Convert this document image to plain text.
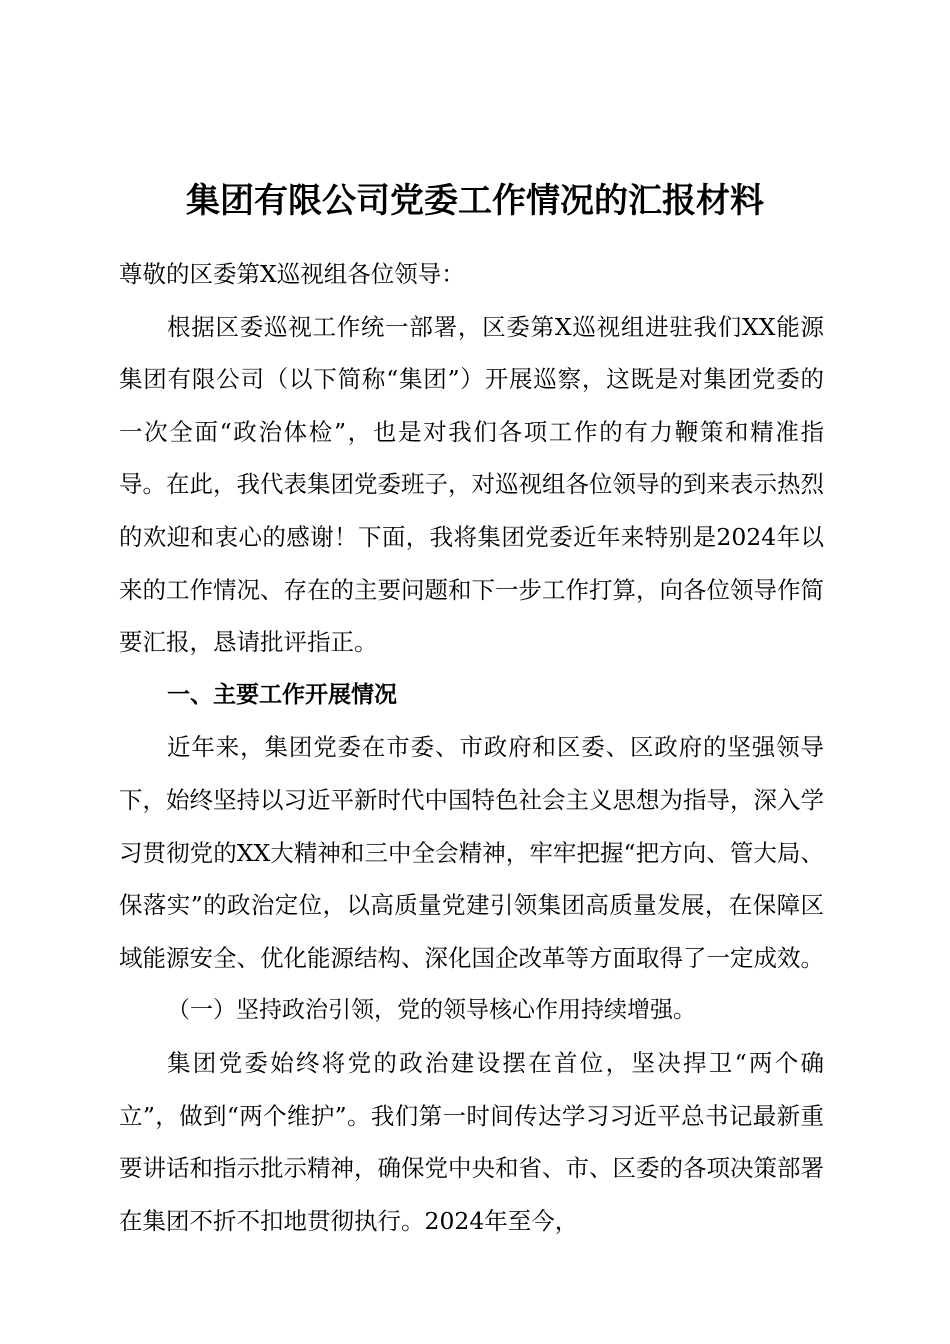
集团有限公司党委工作情况的汇报材料

尊敬的区委第X巡视组各位领导：

根据区委巡视工作统一部署，区委第X巡视组进驻我们XX能源集团有限公司（以下简称“集团”）开展巡察，这既是对集团党委的一次全面“政治体检”，也是对我们各项工作的有力鞭策和精准指导。在此，我代表集团党委班子，对巡视组各位领导的到来表示热烈的欢迎和衷心的感谢！下面，我将集团党委近年来特别是2024年以来的工作情况、存在的主要问题和下一步工作打算，向各位领导作简要汇报，恳请批评指正。

一、主要工作开展情况

近年来，集团党委在市委、市政府和区委、区政府的坚强领导下，始终坚持以习近平新时代中国特色社会主义思想为指导，深入学习贯彻党的XX大精神和三中全会精神，牢牢把握“把方向、管大局、保落实”的政治定位，以高质量党建引领集团高质量发展，在保障区域能源安全、优化能源结构、深化国企改革等方面取得了一定成效。

（一）坚持政治引领，党的领导核心作用持续增强。

集团党委始终将党的政治建设摆在首位，坚决捍卫“两个确立”，做到“两个维护”。我们第一时间传达学习习近平总书记最新重要讲话和指示批示精神，确保党中央和省、市、区委的各项决策部署在集团不折不扣地贯彻执行。2024年至今，
